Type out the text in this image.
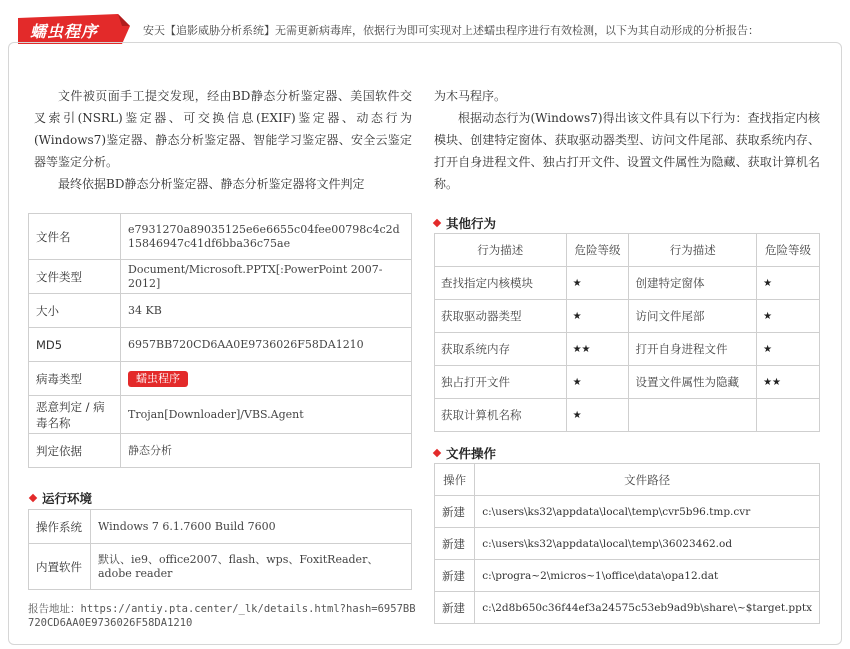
蠕虫程序	安天【追影威胁分析系统】无需更新病毒库，依据行为即可实现对上述蠕虫程序进行有效检测，以下为其自动形成的分析报告：

文件被页面手工提交发现，经由BD静态分析鉴定器、美国软件交叉索引(NSRL)鉴定器、可交换信息(EXIF)鉴定器、动态行为(Windows7)鉴定器、静态分析鉴定器、智能学习鉴定器、安全云鉴定器等鉴定分析。

最终依据BD静态分析鉴定器、静态分析鉴定器将文件判定

为木马程序。

根据动态行为(Windows7)得出该文件具有以下行为：查找指定内核模块、创建特定窗体、获取驱动器类型、访问文件尾部、获取系统内存、打开自身进程文件、独占打开文件、设置文件属性为隐藏、获取计算机名称。

文件名	e7931270a89035125e6e6655c04fee00798c4c2d15846947c41df6bba36c75ae
文件类型	Document/Microsoft.PPTX[:PowerPoint 2007-2012]
大小	34 KB
MD5	6957BB720CD6AA0E9736026F58DA1210
病毒类型	蠕虫程序
恶意判定 / 病毒名称	Trojan[Downloader]/VBS.Agent
判定依据	静态分析
运行环境
操作系统	Windows 7 6.1.7600 Build 7600
内置软件	默认、ie9、office2007、flash、wps、FoxitReader、adobe reader
报告地址：https://antiy.pta.center/_lk/details.html?hash=6957BB720CD6AA0E9736026F58DA1210
其他行为
行为描述	危险等级	行为描述	危险等级
查找指定内核模块	★	创建特定窗体	★
获取驱动器类型	★	访问文件尾部	★
获取系统内存	★★	打开自身进程文件	★
独占打开文件	★	设置文件属性为隐藏	★★
获取计算机名称	★		
文件操作
操作	文件路径
新建	c:\users\ks32\appdata\local\temp\cvr5b96.tmp.cvr
新建	c:\users\ks32\appdata\local\temp\36023462.od
新建	c:\progra~2\micros~1\office\data\opa12.dat
新建	c:\2d8b650c36f44ef3a24575c53eb9ad9b\share\~$target.pptx
